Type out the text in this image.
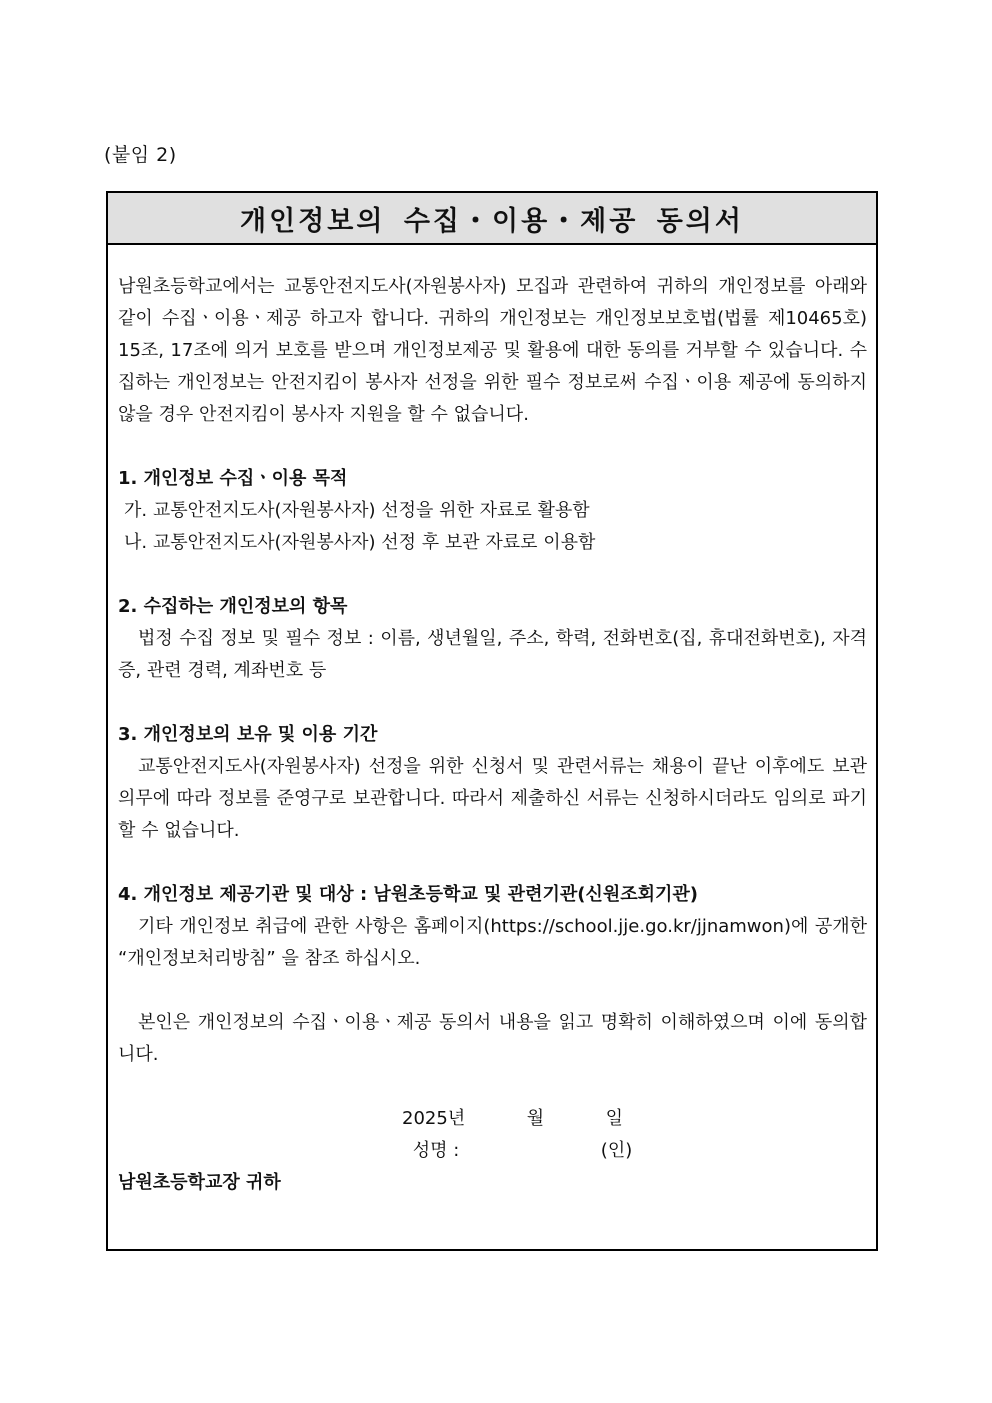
(붙임 2)
개인정보의 수집・이용・제공 동의서

남원초등학교에서는 교통안전지도사(자원봉사자) 모집과 관련하여 귀하의 개인정보를 아래와 같이 수집ㆍ이용ㆍ제공 하고자 합니다. 귀하의 개인정보는 개인정보보호법(법률 제10465호) 15조, 17조에 의거 보호를 받으며 개인정보제공 및 활용에 대한 동의를 거부할 수 있습니다. 수집하는 개인정보는 안전지킴이 봉사자 선정을 위한 필수 정보로써 수집ㆍ이용 제공에 동의하지 않을 경우 안전지킴이 봉사자 지원을 할 수 없습니다.

1. 개인정보 수집ㆍ이용 목적

가. 교통안전지도사(자원봉사자) 선정을 위한 자료로 활용함

나. 교통안전지도사(자원봉사자) 선정 후 보관 자료로 이용함

2. 수집하는 개인정보의 항목

법정 수집 정보 및 필수 정보 : 이름, 생년월일, 주소, 학력, 전화번호(집, 휴대전화번호), 자격증, 관련 경력, 계좌번호 등

3. 개인정보의 보유 및 이용 기간

교통안전지도사(자원봉사자) 선정을 위한 신청서 및 관련서류는 채용이 끝난 이후에도 보관 의무에 따라 정보를 준영구로 보관합니다. 따라서 제출하신 서류는 신청하시더라도 임의로 파기할 수 없습니다.

4. 개인정보 제공기관 및 대상 : 남원초등학교 및 관련기관(신원조회기관)

기타 개인정보 취급에 관한 사항은 홈페이지(https://school.jje.go.kr/jjnamwon)에 공개한 “개인정보처리방침” 을 참조 하십시오.

본인은 개인정보의 수집ㆍ이용ㆍ제공 동의서 내용을 읽고 명확히 이해하였으며 이에 동의합니다.

2025년	월	일

성명 :	(인)

남원초등학교장 귀하
